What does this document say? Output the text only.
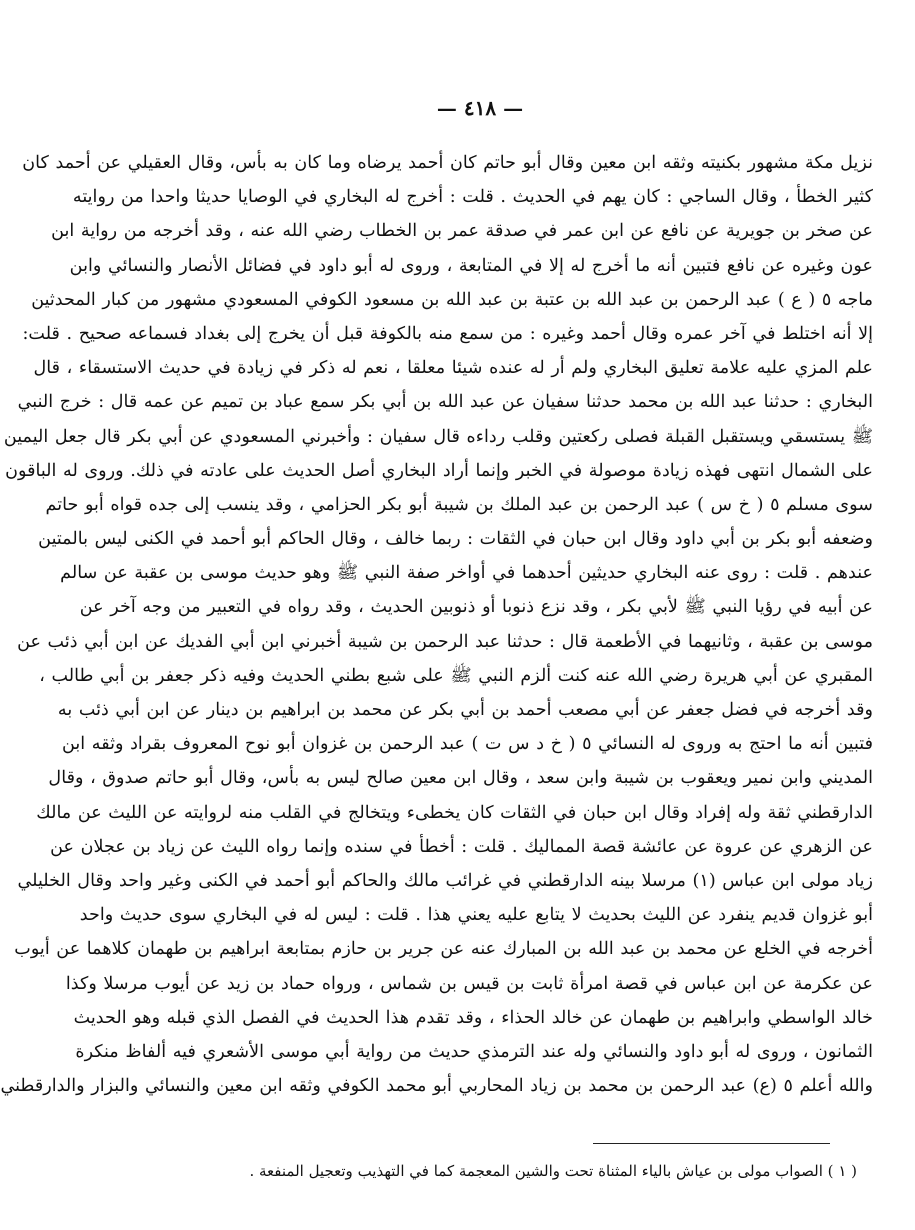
— ٤١٨ —
نزيل مكة مشهور بكنيته وثقه ابن معين وقال أبو حاتم كان أحمد يرضاه وما كان به بأس، وقال العقيلي عن أحمد كان
كثير الخطأ ، وقال الساجي : كان يهم في الحديث . قلت : أخرج له البخاري في الوصايا حديثا واحدا من روايته
عن صخر بن جويرية عن نافع عن ابن عمر في صدقة عمر بن الخطاب رضي الله عنه ، وقد أخرجه من رواية ابن
عون وغيره عن نافع فتبين أنه ما أخرج له إلا في المتابعة ، وروى له أبو داود في فضائل الأنصار والنسائي وابن
ماجه ٥ ( ع ) عبد الرحمن بن عبد الله بن عتبة بن عبد الله بن مسعود الكوفي المسعودي مشهور من كبار المحدثين
إلا أنه اختلط في آخر عمره وقال أحمد وغيره : من سمع منه بالكوفة قبل أن يخرج إلى بغداد فسماعه صحيح . قلت:
علم المزي عليه علامة تعليق البخاري ولم أر له عنده شيئا معلقا ، نعم له ذكر في زيادة في حديث الاستسقاء ، قال
البخاري : حدثنا عبد الله بن محمد حدثنا سفيان عن عبد الله بن أبي بكر سمع عباد بن تميم عن عمه قال : خرج النبي
ﷺ يستسقي ويستقبل القبلة فصلى ركعتين وقلب رداءه قال سفيان : وأخبرني المسعودي عن أبي بكر قال جعل اليمين
على الشمال انتهى فهذه زيادة موصولة في الخبر وإنما أراد البخاري أصل الحديث على عادته في ذلك. وروى له الباقون
سوى مسلم ٥ ( خ س ) عبد الرحمن بن عبد الملك بن شيبة أبو بكر الحزامي ، وقد ينسب إلى جده قواه أبو حاتم
وضعفه أبو بكر بن أبي داود وقال ابن حبان في الثقات : ربما خالف ، وقال الحاكم أبو أحمد في الكنى ليس بالمتين
عندهم . قلت : روى عنه البخاري حديثين أحدهما في أواخر صفة النبي ﷺ وهو حديث موسى بن عقبة عن سالم
عن أبيه في رؤيا النبي ﷺ لأبي بكر ، وقد نزع ذنوبا أو ذنوبين الحديث ، وقد رواه في التعبير من وجه آخر عن
موسى بن عقبة ، وثانيهما في الأطعمة قال : حدثنا عبد الرحمن بن شيبة أخبرني ابن أبي الفديك عن ابن أبي ذئب عن
المقبري عن أبي هريرة رضي الله عنه كنت ألزم النبي ﷺ على شبع بطني الحديث وفيه ذكر جعفر بن أبي طالب ،
وقد أخرجه في فضل جعفر عن أبي مصعب أحمد بن أبي بكر عن محمد بن ابراهيم بن دينار عن ابن أبي ذئب به
فتبين أنه ما احتج به وروى له النسائي ٥ ( خ د س ت ) عبد الرحمن بن غزوان أبو نوح المعروف بقراد وثقه ابن
المديني وابن نمير ويعقوب بن شيبة وابن سعد ، وقال ابن معين صالح ليس به بأس، وقال أبو حاتم صدوق ، وقال
الدارقطني ثقة وله إفراد وقال ابن حبان في الثقات كان يخطىء ويتخالج في القلب منه لروايته عن الليث عن مالك
عن الزهري عن عروة عن عائشة قصة المماليك . قلت : أخطأ في سنده وإنما رواه الليث عن زياد بن عجلان عن
زياد مولى ابن عباس (١) مرسلا بينه الدارقطني في غرائب مالك والحاكم أبو أحمد في الكنى وغير واحد وقال الخليلي
أبو غزوان قديم ينفرد عن الليث بحديث لا يتابع عليه يعني هذا . قلت : ليس له في البخاري سوى حديث واحد
أخرجه في الخلع عن محمد بن عبد الله بن المبارك عنه عن جرير بن حازم بمتابعة ابراهيم بن طهمان كلاهما عن أيوب
عن عكرمة عن ابن عباس في قصة امرأة ثابت بن قيس بن شماس ، ورواه حماد بن زيد عن أيوب مرسلا وكذا
خالد الواسطي وابراهيم بن طهمان عن خالد الحذاء ، وقد تقدم هذا الحديث في الفصل الذي قبله وهو الحديث
الثمانون ، وروى له أبو داود والنسائي وله عند الترمذي حديث من رواية أبي موسى الأشعري فيه ألفاظ منكرة
والله أعلم ٥ (ع) عبد الرحمن بن محمد بن زياد المحاربي أبو محمد الكوفي وثقه ابن معين والنسائي والبزار والدارقطني
( ١ ) الصواب مولى بن عياش بالياء المثناة تحت والشين المعجمة كما في التهذيب وتعجيل المنفعة .
